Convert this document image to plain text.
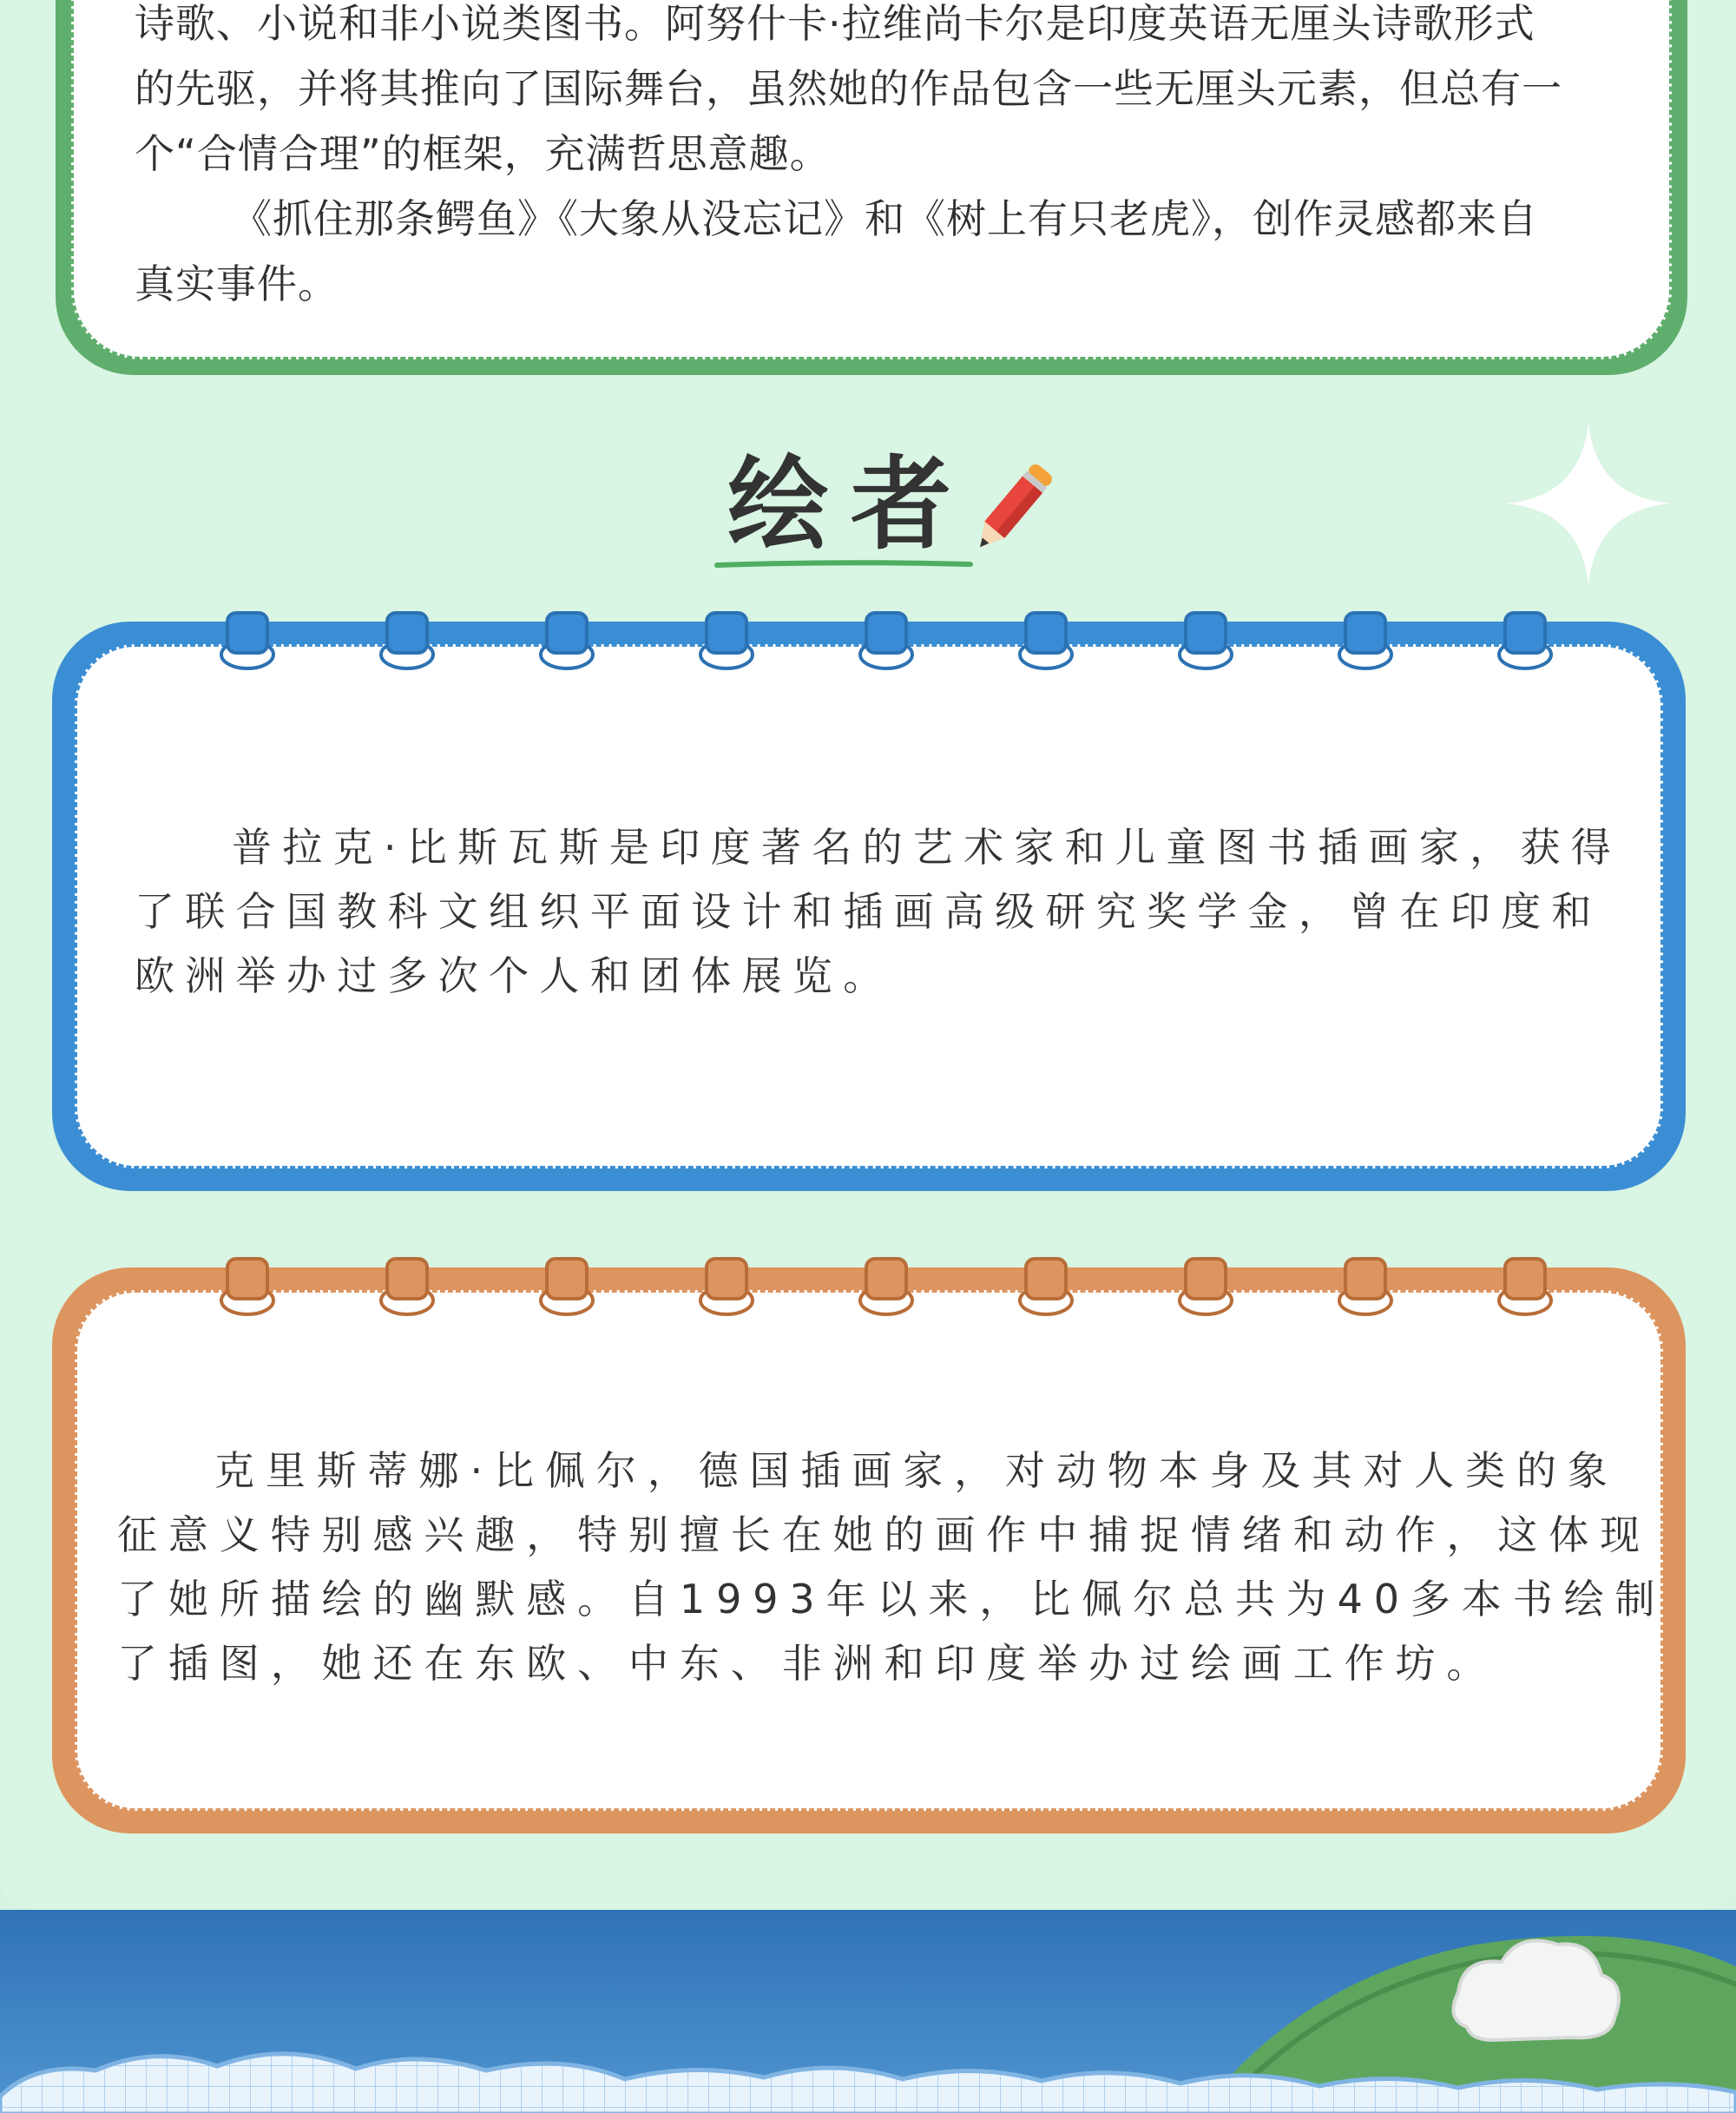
诗歌、小说和非小说类图书。阿努什卡·拉维尚卡尔是印度英语无厘头诗歌形式

的先驱，并将其推向了国际舞台，虽然她的作品包含一些无厘头元素，但总有一

个“合情合理”的框架，充满哲思意趣。

《抓住那条鳄鱼》《大象从没忘记》和《树上有只老虎》，创作灵感都来自

真实事件。

绘者

普拉克·比斯瓦斯是印度著名的艺术家和儿童图书插画家，获得

了联合国教科文组织平面设计和插画高级研究奖学金，曾在印度和

欧洲举办过多次个人和团体展览。

克里斯蒂娜·比佩尔，德国插画家，对动物本身及其对人类的象

征意义特别感兴趣，特别擅长在她的画作中捕捉情绪和动作，这体现

了她所描绘的幽默感。自1993年以来，比佩尔总共为40多本书绘制

了插图，她还在东欧、中东、非洲和印度举办过绘画工作坊。
